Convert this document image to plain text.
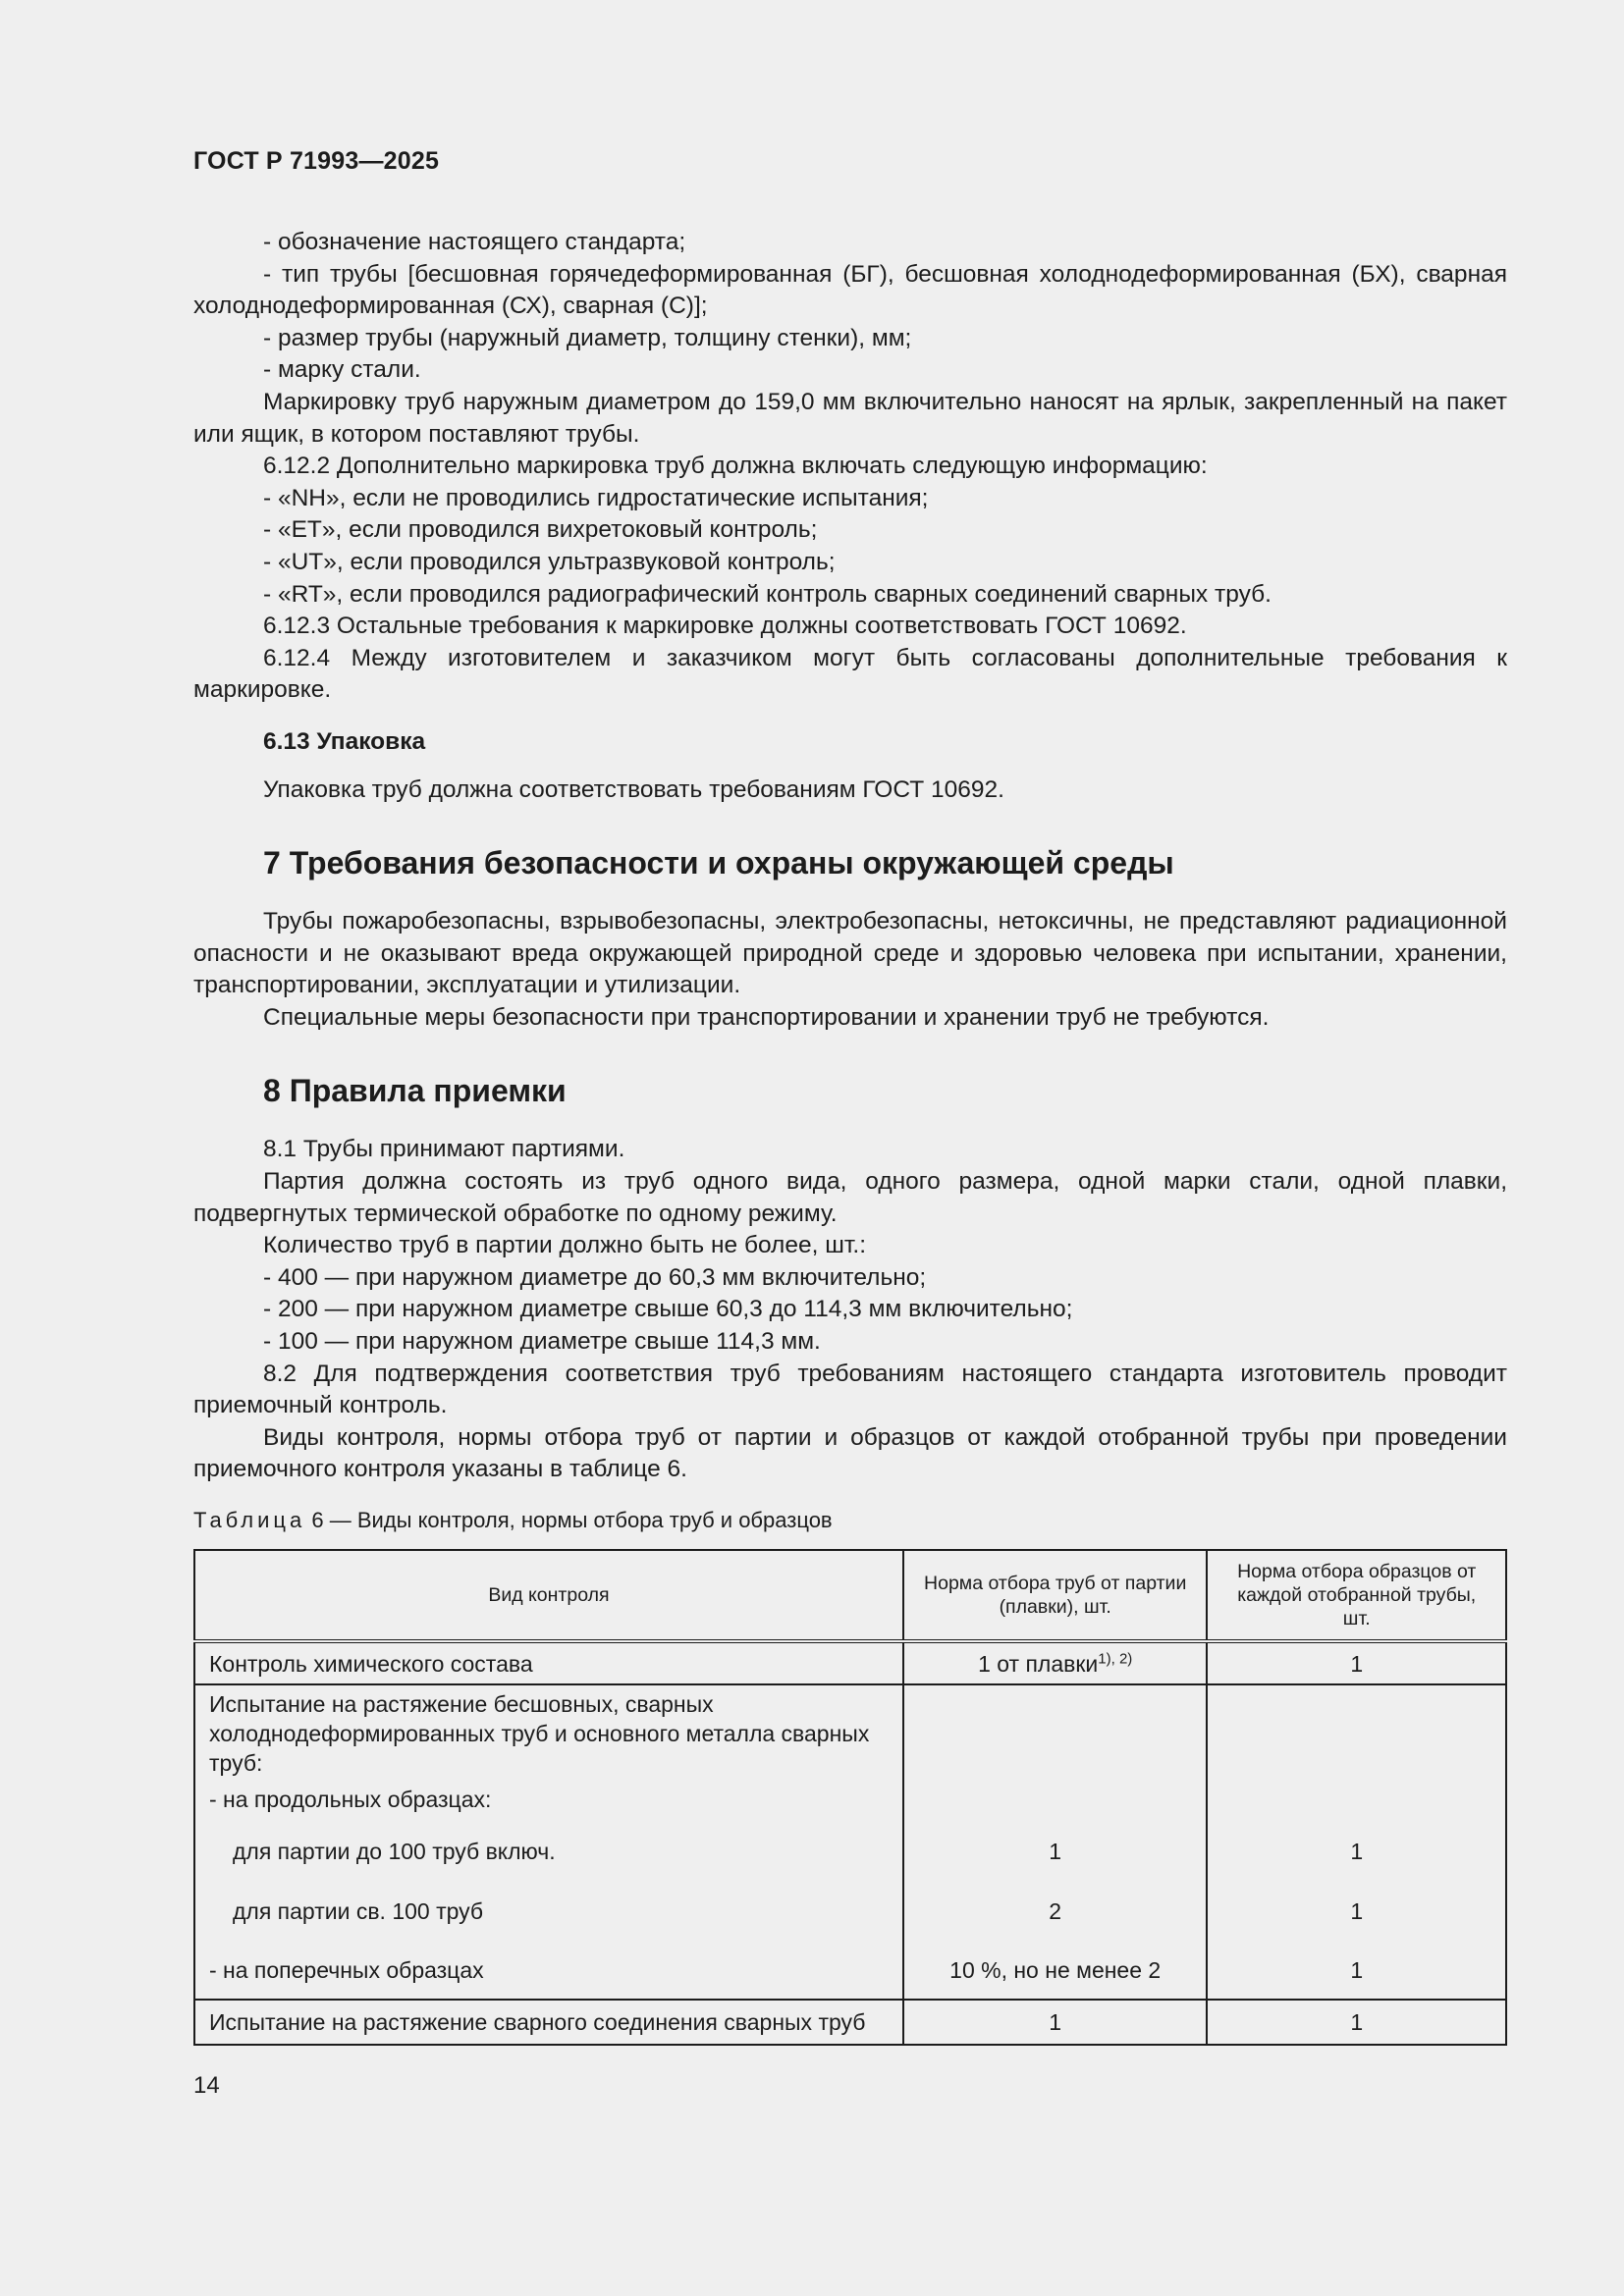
ГОСТ Р 71993—2025

- обозначение настоящего стандарта;

- тип трубы [бесшовная горячедеформированная (БГ), бесшовная холоднодеформированная (БХ), сварная холоднодеформированная (СХ), сварная (С)];

- размер трубы (наружный диаметр, толщину стенки), мм;

- марку стали.

Маркировку труб наружным диаметром до 159,0 мм включительно наносят на ярлык, закрепленный на пакет или ящик, в котором поставляют трубы.

6.12.2 Дополнительно маркировка труб должна включать следующую информацию:

- «NH», если не проводились гидростатические испытания;

- «ET», если проводился вихретоковый контроль;

- «UT», если проводился ультразвуковой контроль;

- «RT», если проводился радиографический контроль сварных соединений сварных труб.

6.12.3 Остальные требования к маркировке должны соответствовать ГОСТ 10692.

6.12.4 Между изготовителем и заказчиком могут быть согласованы дополнительные требования к маркировке.

6.13 Упаковка

Упаковка труб должна соответствовать требованиям ГОСТ 10692.

7 Требования безопасности и охраны окружающей среды

Трубы пожаробезопасны, взрывобезопасны, электробезопасны, нетоксичны, не представляют радиационной опасности и не оказывают вреда окружающей природной среде и здоровью человека при испытании, хранении, транспортировании, эксплуатации и утилизации.

Специальные меры безопасности при транспортировании и хранении труб не требуются.

8 Правила приемки

8.1 Трубы принимают партиями.

Партия должна состоять из труб одного вида, одного размера, одной марки стали, одной плавки, подвергнутых термической обработке по одному режиму.

Количество труб в партии должно быть не более, шт.:

- 400 — при наружном диаметре до 60,3 мм включительно;

- 200 — при наружном диаметре свыше 60,3 до 114,3 мм включительно;

- 100 — при наружном диаметре свыше 114,3 мм.

8.2 Для подтверждения соответствия труб требованиям настоящего стандарта изготовитель проводит приемочный контроль.

Виды контроля, нормы отбора труб от партии и образцов от каждой отобранной трубы при проведении приемочного контроля указаны в таблице 6.

Таблица 6 — Виды контроля, нормы отбора труб и образцов
Вид контроля	Норма отбора труб от партии (плавки), шт.	Норма отбора образцов от каждой отобранной трубы, шт.
Контроль химического состава	1 от плавки$^{1), 2)}$	1
Испытание на растяжение бесшовных, сварных холоднодеформированных труб и основного металла сварных труб:		
- на продольных образцах:		
для партии до 100 труб включ.	1	1
для партии св. 100 труб	2	1
- на поперечных образцах	10 %, но не менее 2	1
Испытание на растяжение сварного соединения сварных труб	1	1
14
